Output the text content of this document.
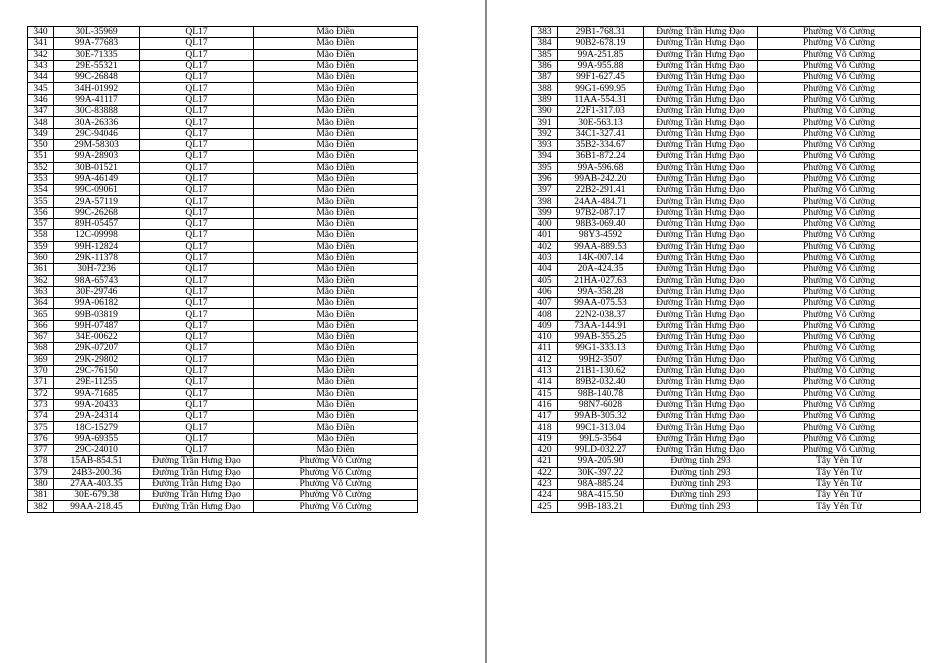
340	30L-35969	QL17	Mão Điền
341	99A-77683	QL17	Mão Điền
342	30E-71335	QL17	Mão Điền
343	29E-55321	QL17	Mão Điền
344	99C-26848	QL17	Mão Điền
345	34H-01992	QL17	Mão Điền
346	99A-41117	QL17	Mão Điền
347	30C-83888	QL17	Mão Điền
348	30A-26336	QL17	Mão Điền
349	29C-94046	QL17	Mão Điền
350	29M-58303	QL17	Mão Điền
351	99A-28903	QL17	Mão Điền
352	30B-01521	QL17	Mão Điền
353	99A-46149	QL17	Mão Điền
354	99C-09061	QL17	Mão Điền
355	29A-57119	QL17	Mão Điền
356	99C-26268	QL17	Mão Điền
357	89H-05457	QL17	Mão Điền
358	12C-09998	QL17	Mão Điền
359	99H-12824	QL17	Mão Điền
360	29K-11378	QL17	Mão Điền
361	30H-7236	QL17	Mão Điền
362	98A-65743	QL17	Mão Điền
363	30F-29746	QL17	Mão Điền
364	99A-06182	QL17	Mão Điền
365	99B-03819	QL17	Mão Điền
366	99H-07487	QL17	Mão Điền
367	34E-00622	QL17	Mão Điền
368	29K-07207	QL17	Mão Điền
369	29K-29802	QL17	Mão Điền
370	29C-76150	QL17	Mão Điền
371	29E-11255	QL17	Mão Điền
372	99A-71685	QL17	Mão Điền
373	99A-20433	QL17	Mão Điền
374	29A-24314	QL17	Mão Điền
375	18C-15279	QL17	Mão Điền
376	99A-69355	QL17	Mão Điền
377	29C-24010	QL17	Mão Điền
378	15AB-854.51	Đường Trần Hưng Đạo	Phường Võ Cường
379	24B3-200.36	Đường Trần Hưng Đạo	Phường Võ Cường
380	27AA-403.35	Đường Trần Hưng Đạo	Phường Võ Cường
381	30E-679.38	Đường Trần Hưng Đạo	Phường Võ Cường
382	99AA-218.45	Đường Trần Hưng Đạo	Phường Võ Cường
383	29B1-768.31	Đường Trần Hưng Đạo	Phường Võ Cường
384	90B2-678.19	Đường Trần Hưng Đạo	Phường Võ Cường
385	99A-251.85	Đường Trần Hưng Đạo	Phường Võ Cường
386	99A-955.88	Đường Trần Hưng Đạo	Phường Võ Cường
387	99F1-627.45	Đường Trần Hưng Đạo	Phường Võ Cường
388	99G1-699.95	Đường Trần Hưng Đạo	Phường Võ Cường
389	11AA-554.31	Đường Trần Hưng Đạo	Phường Võ Cường
390	22F1-317.03	Đường Trần Hưng Đạo	Phường Võ Cường
391	30E-563.13	Đường Trần Hưng Đạo	Phường Võ Cường
392	34C1-327.41	Đường Trần Hưng Đạo	Phường Võ Cường
393	35B2-334.67	Đường Trần Hưng Đạo	Phường Võ Cường
394	36B1-872.24	Đường Trần Hưng Đạo	Phường Võ Cường
395	99A-596.68	Đường Trần Hưng Đạo	Phường Võ Cường
396	99AB-242.20	Đường Trần Hưng Đạo	Phường Võ Cường
397	22B2-291.41	Đường Trần Hưng Đạo	Phường Võ Cường
398	24AA-484.71	Đường Trần Hưng Đạo	Phường Võ Cường
399	97B2-087.17	Đường Trần Hưng Đạo	Phường Võ Cường
400	98B3-069.40	Đường Trần Hưng Đạo	Phường Võ Cường
401	98Y3-4592	Đường Trần Hưng Đạo	Phường Võ Cường
402	99AA-889.53	Đường Trần Hưng Đạo	Phường Võ Cường
403	14K-007.14	Đường Trần Hưng Đạo	Phường Võ Cường
404	20A-424.35	Đường Trần Hưng Đạo	Phường Võ Cường
405	21HA-027.63	Đường Trần Hưng Đạo	Phường Võ Cường
406	99A-358.28	Đường Trần Hưng Đạo	Phường Võ Cường
407	99AA-075.53	Đường Trần Hưng Đạo	Phường Võ Cường
408	22N2-038.37	Đường Trần Hưng Đạo	Phường Võ Cường
409	73AA-144.91	Đường Trần Hưng Đạo	Phường Võ Cường
410	99AB-355.25	Đường Trần Hưng Đạo	Phường Võ Cường
411	99G1-333.13	Đường Trần Hưng Đạo	Phường Võ Cường
412	99H2-3507	Đường Trần Hưng Đạo	Phường Võ Cường
413	21B1-130.62	Đường Trần Hưng Đạo	Phường Võ Cường
414	89B2-032.40	Đường Trần Hưng Đạo	Phường Võ Cường
415	98B-140.78	Đường Trần Hưng Đạo	Phường Võ Cường
416	98N7-6028	Đường Trần Hưng Đạo	Phường Võ Cường
417	99AB-305.32	Đường Trần Hưng Đạo	Phường Võ Cường
418	99C1-313.04	Đường Trần Hưng Đạo	Phường Võ Cường
419	99L5-3564	Đường Trần Hưng Đạo	Phường Võ Cường
420	99LD-032.27	Đường Trần Hưng Đạo	Phường Võ Cường
421	99A-205.90	Đường tỉnh 293	Tây Yên Tử
422	30K-397.22	Đường tỉnh 293	Tây Yên Tử
423	98A-885.24	Đường tỉnh 293	Tây Yên Tử
424	98A-415.50	Đường tỉnh 293	Tây Yên Tử
425	99B-183.21	Đường tỉnh 293	Tây Yên Tử
